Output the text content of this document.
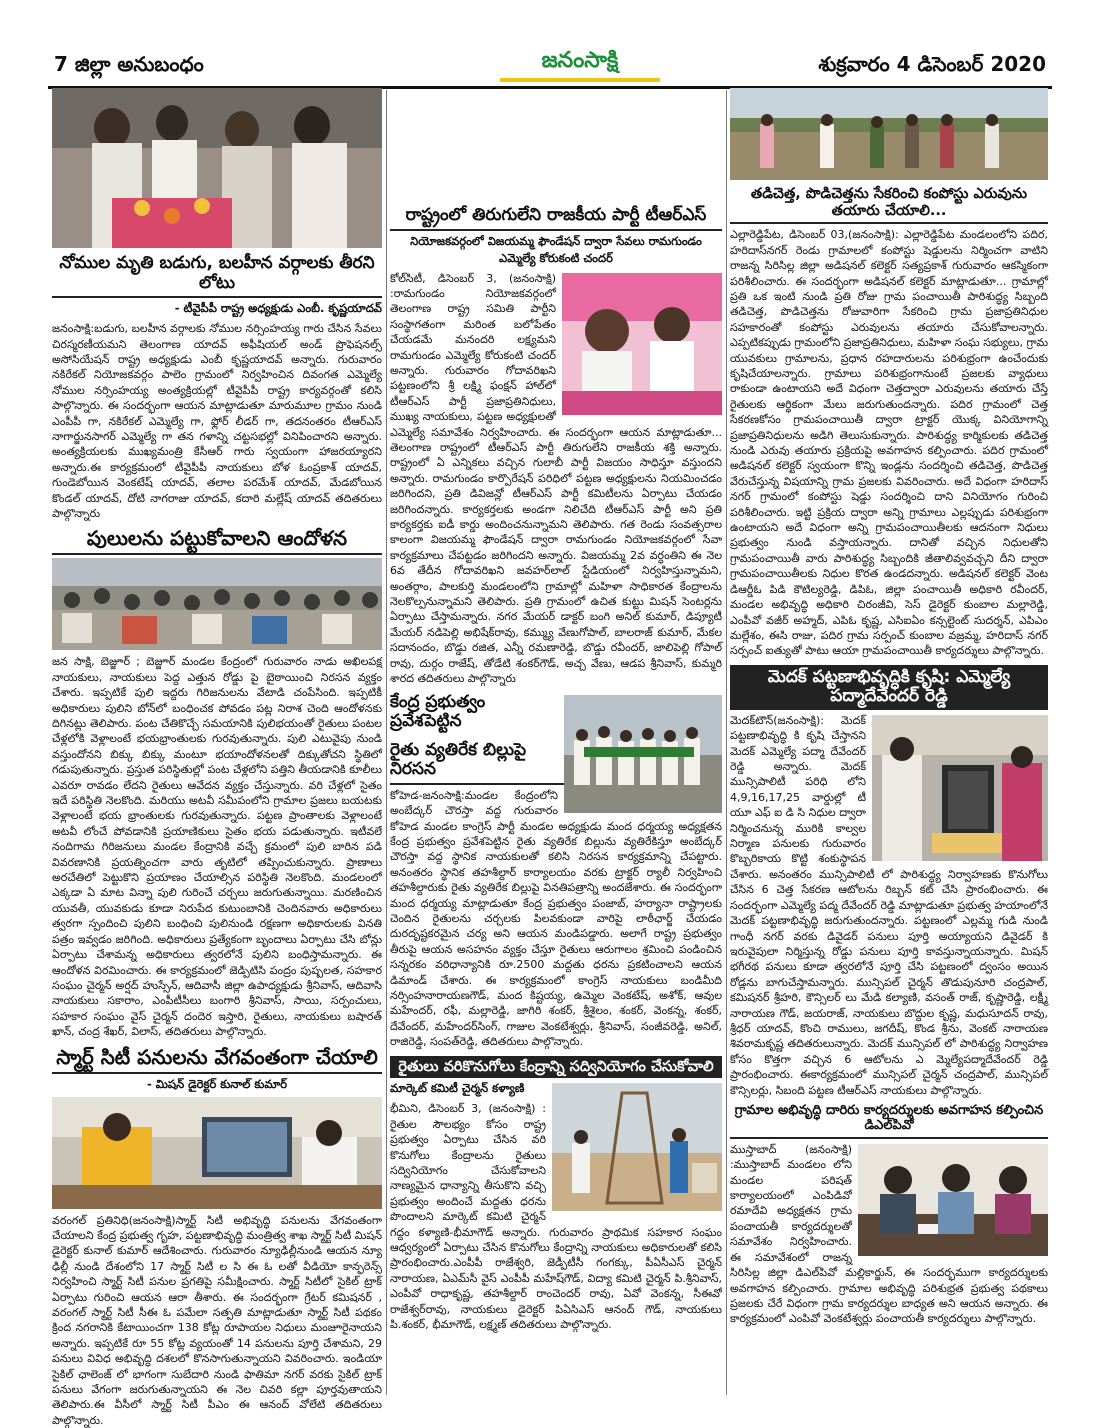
7 జిల్లా అనుబంధం	జనంసాక్షి	శుక్రవారం 4 డిసెంబర్ 2020
నోముల మృతి బడుగు, బలహీన వర్గాలకు తీరని లోటు
- టీవైపీపీ రాష్ట్ర అధ్యక్షుడు ఎంబీ. కృష్ణయాదవ్

జనంసాక్షి:బడుగు, బలహీన వర్గాలకు నోముల నర్సింహయ్య గారు చేసిన సేవలు చిరస్మరణీయమని తెలంగాణ యాదవ్ అఫీషియల్ అండ్ ప్రొఫెషనల్స్ అసోసియేషన్ రాష్ట్ర అధ్యక్షుడు ఎంబీ కృష్ణయాదవ్ అన్నారు. గురువారం నకిరేకల్ నియోజకవర్గం పాలెం గ్రామంలో నిర్వహించిన దివంగత ఎమ్మెల్యే నోముల నర్సింహయ్య అంత్యక్రియల్లో టీవైపీపీ రాష్ట్ర కార్యవర్గంతో కలిసి పాల్గొన్నారు. ఈ సందర్భంగా ఆయన మాట్లాడుతూ మారుమూల గ్రామం నుండి ఎంపీపీ గా, నకిరేకల్ ఎమ్మెల్యే గా, ఫ్లోర్ లీడర్ గా, తదనంతరం టీఆర్ఎస్ నాగార్జునసాగర్ ఎమ్మెల్యే గా తన గళాన్ని చట్టసభల్లో వినిపించారని అన్నారు. అంత్యక్రియలకు ముఖ్యమంత్రి కేసీఆర్ గారు స్వయంగా హాజరయ్యారని అన్నారు.ఈ కార్యక్రమంలో టీవైపీపీ నాయకులు బోళ ఓంప్రకాశ్ యాదవ్, గుండెబోయిన వెంకటేష్ యాదవ్, తలాల పరమేశ్ యాదవ్, మేడబోయిన కొండల్ యాదవ్, దోటి నాగరాజు యాదవ్, కదారి మల్లేష్ యాదవ్ తదితరులు పాల్గొన్నారు

పులులను పట్టుకోవాలని ఆందోళన

జన సాక్షి, బెజ్జూర్ ; బెజ్జూర్ మండల కేంద్రంలో గురువారం నాడు అఖిలపక్ష నాయకులు, నాయకులు పెద్ద ఎత్తున రోడ్డు పై బైఠాయించి నిరసన వ్యక్తం చేశారు. ఇప్పటికే పులి ఇద్దరు గిరిజనులను వేటాడి చంపేసింది. ఇప్పటికీ అధికారులు పులిని బోన్‌లో బంధించక పోవడం పట్ల నిరాశ చెంది ఆందోళనకు దిగినట్లు తెలిపారు. పంట చేతికొచ్చే సమయానికి పులిభయంతో రైతులు పంటల చేళ్లలోకి వెళ్లాలంటే భయభ్రాంతులకు గురవుతున్నారు. పులి ఎటువైపు నుండి వస్తుందోనని బిక్కు బిక్కు మంటూ భయాందోళనలతో దిక్కుతోచని స్థితిలో గడుపుతున్నారు. ప్రస్తుత పరిస్థితుల్లో పంట చేళ్లలోని పత్తిని తీయడానికి కూలీలు ఎవరూ రావడం లేదని రైతులు ఆవేదన వ్యక్తం చేస్తున్నారు. వరి చేళ్లలో సైతం ఇదే పరిస్థితి నెలకొంది. మరియు అటవీ సమీపంలోని గ్రామాల ప్రజలు బయటకు వెళ్లాలంటే భయ భ్రాంతులకు గురవుతున్నారు. పట్టణ ప్రాంతాలకు వెళ్లాలంటే అటవీ లోంచే పోవడానికి ప్రయాణికులు సైతం భయ పడుతున్నారు. ఇటీవలే నందిగామ గిరిజనులు మండల కేంద్రానికి వచ్చే క్రమంలో పులి బారిన పడి వివరణానికి ప్రయత్నించగా వారు తృటిలో తప్పించుకున్నారు. ప్రాణాలు అరచేతిలో పెట్టుకొని ప్రయాణం చేయాల్సిన పరిస్థితి నెలకొంది. మండలంలో ఎక్కడా ఏ మాట విన్నా పులి గురించే చర్చలు జరుగుతున్నాయి. మరణించిన యువతీ, యువకుడు కూడా నిరుపేద కుటుంబానికి చెందినవారు అధికారులు త్వరగా స్పందించి పులిని బంధించి పులినుండి రక్షణగా అధికారులకు వినతి పత్రం ఇవ్వడం జరిగింది. అధికారులు ప్రత్యేకంగా బృందాలు ఏర్పాటు చేసి బోన్లు ఏర్పాటు చేశామన్న అధికారులు త్వరలోనే పులిని బంధిస్తామన్నారు. ఈ ఆందోళన విరమించారు. ఈ కార్యక్రమంలో జెడ్పిటిసి పంద్రం పుష్పలత, సహకార సంఘం చైర్మన్ అర్షద్ హుస్సేన్, ఆదివాసీ జిల్లా ఉపాధ్యక్షుడు శ్రీనివాస్, ఆదివాసి నాయకులు సకారాం, ఎంపీటీసీలు బంగారి శ్రీనివాస్, సాయి, సర్పంచులు, సహకార సంఘం వైస్ చైర్మన్ దందెర ఇస్తారి, రైతులు, నాయకులు బషారత్ ఖాన్, చంద్ర శేఖర్, విలాస్, తదితరులు పాల్గొన్నారు.

స్మార్ట్ సిటీ పనులను వేగవంతంగా చేయాలి
- మిషన్ డైరెక్టర్ కునాల్ కుమార్

వరంగల్ ప్రతినిధి(జనంసాక్షి)స్మార్ట్ సిటీ అభివృద్ధి పనులను వేగవంతంగా చేయాలని కేంద్ర ప్రభుత్వ గృహ, పట్టణాభివృద్ధి మంత్రిత్వ శాఖ స్మార్ట్ సిటీ మిషన్ డైరెక్టర్ కునాల్ కుమార్ ఆదేశించారు. గురువారం న్యూఢిల్లీనుండి ఆయన న్యూ ఢిల్లీ నుండి దేశంలోని 17 స్మార్ట్ సిటీ ల సి ఈ ఓ లతో వీడియో కాన్ఫరెన్స్ నిర్వహించి స్మార్ట్ సిటీ పనుల ప్రగతిపై సమీక్షించారు. స్మార్ట్ సిటీలో సైకిల్ ట్రాక్ ఏర్పాటు గురించి ఆయన ఆరా తీశారు. ఈ సందర్భంగా గ్రేటర్ కమిషనర్ , వరంగల్ స్మార్ట్ సిటీ సీఈ ఓ పమేలా సత్పతి మాట్లాడుతూ స్మార్ట్ సిటీ పథకం క్రింద నగరానికి కేటాయించగా 138 కోట్ల రూపాయల నిధులు మంజూరైనాయని అన్నారు. ఇప్పటికే రూ 55 కోట్ల వ్యయంతో 14 పనులను పూర్తి చేశామని, 29 పనులు వివిధ అభివృద్ధి దశలలో కొనసాగుతున్నాయని వివరించారు. ఇండియా సైకిల్ ఛాలెంజ్ లో భాగంగా సుబేదారి నుండి ఫాతిమా నగర్ వరకు సైకిల్ ట్రాక్ పనులు వేగంగా జరుగుతున్నాయని ఈ నెల చివరి కల్లా పూర్తవుతాయని తెలిపారు.ఈ వీసీలో స్మార్ట్ సిటీ పీఎం ఈ ఆనంద్ వోలేటి తదితరులు పాల్గొన్నారు.

రాష్ట్రంలో తిరుగులేని రాజకీయ పార్టీ టీఆర్ఎస్
నియోజకవర్గంలో విజయమ్మ ఫౌండేషన్ ద్వారా సేవలు రామగుండం ఎమ్మెల్యే కోరుకంటి చందర్

కోల్‌సిటీ, డిసెంబర్ 3, (జనంసాక్షి) :రామగుండం నియోజకవర్గంలో తెలంగాణ రాష్ట్ర సమితి పార్టీని సంస్థాగతంగా మరింత బలోపేతం చేయడమే మనందరి లక్ష్యమని రామగుండం ఎమ్మెల్యే కోరుకంటి చందర్ అన్నారు. గురువారం గోదావరిఖని పట్టణంలోని శ్రీ లక్ష్మి ఫంక్షన్ హాల్‌లో టీఆర్ఎస్ పార్టీ ప్రజాప్రతినిధులు, ముఖ్య నాయకులు, పట్టణ అధ్యక్షులతో ఎమ్మెల్యే సమావేశం నిర్వహించారు. ఈ సందర్భంగా ఆయన మాట్లాడుతూ... తెలంగాణ రాష్ట్రంలో టీఆర్ఎస్ పార్టీ తిరుగులేని రాజకీయ శక్తి అన్నారు. రాష్ట్రంలో ఏ ఎన్నికలు వచ్చిన గులాబీ పార్టీ విజయం సాధిస్తూ వస్తుందని అన్నారు. రామగుండం కార్పొరేషన్ పరిధిలో పట్టణ అధ్యక్షులను నియమించడం జరిగిందని, ప్రతి డివిజన్లో టీఆర్ఎస్ పార్టీ కమిటీలను ఏర్పాటు చేయడం జరిగిందన్నారు. కార్యకర్తలకు అండగా నిలిచేది టీఆర్ఎస్ పార్టీ అని ప్రతి కార్యకర్తకు ఐడీ కార్డు అందించనున్నామని తెలిపారు. గత రెండు సంవత్సరాల కాలంగా విజయమ్మ ఫౌండేషన్ ద్వారా రామగుండం నియోజకవర్గంలో సేవా కార్యక్రమాలు చేపట్టడం జరిగిందని అన్నారు. విజయమ్మ 2వ వర్ధంతిని ఈ నెల 6వ తేదీన గోదావరిఖని జవహర్‌లాల్ స్టేడియంలో నిర్వహిస్తున్నామని, అంతర్గాం, పాలకుర్తి మండలంలోని గ్రామాల్లో మహిళా సాధికారత కేంద్రాలను నెలకొల్పనున్నామని తెలిపారు. ప్రతి గ్రామంలో ఉచిత కుట్టు మిషన్ సెంటర్లను ఏర్పాటు చేస్తామన్నారు. నగర మేయర్ డాక్టర్ బంగి అనిల్ కుమార్, డిప్యూటీ మేయర్ నడిపెల్లి అభిషేక్‌రావు, కమ్మ్యు వేణుగోపాల్, బాలరాజ్ కుమార్, మేకల సదానందం, బొడ్డు రజిత, ఎన్నీ రమణారెడ్డి, బొడ్డు రవీందర్, జాలిపెల్లి గోపాల్ రావు, దుర్గం రాజేష్, తోడేటి శంకర్‌గౌడ్, అచ్చ వేణు, ఆడప శ్రీనివాస్, కుమ్మరి శారద తదితరులు పాల్గొన్నారు

కేంద్ర ప్రభుత్వం ప్రవేశపెట్టిన
రైతు వ్యతిరేక బిల్లుపై నిరసన

కోహెడ-జనంసాక్షి:మండల కేంద్రంలోని అంబేద్కర్ చౌరస్తా వద్ద గురువారం కోహెడ మండల కాంగ్రెస్ పార్టీ మండల అధ్యక్షుడు మంద ధర్మయ్య అధ్యక్షతన కేంద్ర ప్రభుత్వం ప్రవేశపెట్టిన రైతు వ్యతిరేక బిల్లును వ్యతిరేకిస్తూ అంబేద్కర్ చౌరస్తా వద్ద స్థానిక నాయకులతో కలిసి నిరసన కార్యక్రమాన్ని చేపట్టారు. అనంతరం స్థానిక తహశీల్దార్ కార్యాలయం వరకు ట్రాక్టర్ ర్యాలీ నిర్వహించి తహశీల్దారుకు రైతు వ్యతిరేక బిల్లుపై వినతిపత్రాన్ని అందజేశారు. ఈ సందర్భంగా మంద ధర్మయ్య మాట్లాడుతూ కేంద్ర ప్రభుత్వం పంజాబ్, హర్యానా రాష్ట్రాలకు చెందిన రైతులను చర్చలకు పిలవకుండా వారిపై లాఠీఛార్జ్ చేయడం దురదృష్టకరమైన చర్య అని ఆయన మండిపడ్డారు. అలాగే రాష్ట్ర ప్రభుత్వం తీరుపై ఆయన అసహనం వ్యక్తం చేస్తూ రైతులు ఆరుగాలం శ్రమించి పండించిన సన్నరకం వరిధాన్యానికి రూ.2500 మద్దతు ధరను ప్రకటించాలని ఆయన డిమాండ్ చేశారు. ఈ కార్యక్రమంలో కాంగ్రెస్ నాయకులు బండిమీది నర్సింహనారాయణగౌడ్, మంద కిష్టయ్య, ఉమ్మెల వెంకటేష్, అశోక్, ఆవుల మహేందర్, రఫీ, మల్లారెడ్డి, జాగిరి శంకర్, శ్రీశైలం, శంకర్, వెంకన్న, శంకర్, దేవేందర్, మహేందర్‌సింగ్, గాజుల వెంకటేశ్వర్లు, శ్రీనివాస్, సంజీవరెడ్డి, అనిల్, రాజిరెడ్డి, సంపత్‌రెడ్డి, తదితరులు పాల్గొన్నారు.

రైతులు వరికొనుగోలు కేంద్రాన్ని సద్వినియోగం చేసుకోవాలి
మార్కెట్ కమిటీ చైర్మన్ కళ్యాణి

భీమిని, డిసెంబర్ 3, (జనంసాక్షి) : రైతుల సౌలభ్యం కోసం రాష్ట్ర ప్రభుత్వం ఏర్పాటు చేసిన వరి కొనుగోలు కేంద్రాలను రైతులు సద్వినియోగం చేసుకోవాలని నాణ్యమైన ధాన్యాన్ని తీసుకొని వచ్చి ప్రభుత్వం అందించే మద్దతు ధరను పొందాలని మార్కెట్ కమిటి చైర్మన్ గద్దం కళ్యాణి-భీమాగౌడ్ అన్నారు. గురువారం ప్రాథమిక సహకార సంఘం ఆధ్వర్యంలో ఏర్పాటు చేసిన కొనుగోలు కేంద్రాన్ని నాయకులు అధికారులతో కలిసి ప్రారంభించారు.ఎంపీపీ రాజేశ్వరి, జెడ్పీటీసీ గంగక్కు, పీఏసీఎస్ చైర్మన్ నారాయణ, ఏఎమ్‌సీ వైస్ ఎంపీపీ మహేష్‌గౌడ్, విద్యా కమిటి చైర్మన్ పి.శ్రీనివాస్, ఎంపీవో రాధాకృష్ణ, తహశీల్దార్ రాంచెందర్ రావు, ఏవో వెంకన్న, సీఈవో రాజేశ్వర్‌రావు, నాయకులు డైరెక్టర్ పిఏసిఎస్ ఆనంద్ గౌడ్, నాయకులు పి.శంకర్, భీమాగౌడ్, లక్ష్మణ్ తదితరులు పాల్గొన్నారు.

తడిచెత్త, పొడిచెత్తను సేకరించి కంపోస్టు ఎరువును తయారు చేయాలి...

ఎల్లారెడ్డిపేట, డిసెంబర్ 03,(జనంసాక్షి): ఎల్లారెడ్డిపేట మండలంలోని పదిర, హరిదాస్‌నగర్ రెండు గ్రామాలలో కంపోస్టు షెడ్డులను నిర్మించగా వాటిని రాజన్న సిరిసిల్ల జిల్లా అడిషనల్ కలెక్టర్ సత్యప్రకాశ్ గురువారం ఆకస్మికంగా పరిశీలించారు. ఈ సందర్భంగా అడిషనల్ కలెక్టర్ మాట్లాడుతూ... గ్రామాల్లో ప్రతి ఒక ఇంటి నుండి ప్రతి రోజు గ్రామ పంచాయితీ పారిశుద్ధ్య సిబ్బంది తడిచెత్త, పొడిచెత్తను రోజువారిగా సేకరించి గ్రామ ప్రజాప్రతినిధుల సహకారంతో కంపోస్టు ఎరువులను తయారు చేసుకోవాలన్నారు. ఎప్పటికప్పుడు గ్రామంలోని ప్రజాప్రతినిధులు, మహిళా సంఘ సభ్యులు, గ్రామ యువకులు గ్రామాలను, ప్రధాన రహదారులను పరిశుభ్రంగా ఉంచేందుకు కృషిచేయాలన్నారు. గ్రామాలు పరిశుభ్రంగానుంటే ప్రజలకు వ్యాధులు రాకుండా ఉంటాయని అదే విధంగా చెత్తద్వారా ఎరువులను తయారు చేస్తే రైతులకు ఆర్థికంగా మేలు జరుగుతుందన్నారు. పదిర గ్రామంలో చెత్త సేకరణకోసం గ్రామపంచాయితీ ద్వారా ట్రాక్టర్ యొక్క వినియోగాన్ని ప్రజాప్రతినిధులను అడిగి తెలుసుకున్నారు. పారిశుద్ధ్య కార్మికులకు తడిచెత్త నుండి ఎరువు తయారు ప్రక్రియపై అవగాహన కల్పించారు. పదిర గ్రామంలో అడిషనల్ కలెక్టర్ స్వయంగా కొన్ని ఇండ్లను సందర్శించి తడిచెత్త, పొడిచెత్త వేరుచేస్తున్న విషయాన్ని గ్రామ ప్రజలకు వివరించారు. అదే విధంగా హరిదాస్ నగర్ గ్రామంలో కంపోస్టు షెడ్డు సందర్శించి దాని వినియోగం గురించి పరిశీలించారు. ఇట్టి ప్రక్రియ ద్వారా అన్ని గ్రామాలు ఎల్లప్పుడు పరిశుభ్రంగా ఉంటాయని అదే విధంగా అన్ని గ్రామపంచాయితీలకు ఆదనంగా నిధులు ప్రభుత్వం నుండి వస్తాయన్నారు. దానితో వచ్చిన నిధులతోని గ్రామపంచాయితీ వారు పారిశుద్ధ్య సిబ్బందికి జీతాలివ్వవచ్చని దీని ద్వారా గ్రామపంచాయితీలకు నిధుల కొరత ఉండదన్నారు. అడిషనల్ కలెక్టర్ వెంట డిఆర్డీఓ పిడి కౌటిల్యరెడ్డి, డిపిఓ, జిల్లా పంచాయితీ అధికారి రవీందర్, మండల అభివృద్ధి అధికారి చిరంజీవి, సెస్ డైరెక్టర్ కుంబాల మల్లారెడ్డి, ఎంపీవో వజీర్ అహ్మద్, ఎపిఓ కృష్ణ, ఎసిఐఏం కన్సల్టెంట్ సుదర్శన్, ఎపిఎం మల్లేశం, ఈసి రాజు, పదిర గ్రామ సర్పంచ్ కుంబాల వజ్రమ్మ, హరిదాస్ నగర్ సర్పంచ్ ఐత్యుతో పాటు ఆయా గ్రామపంచాయితీ కార్యదర్శులు పాల్గొన్నారు.

మెదక్ పట్టణాభివృద్ధికి కృషి: ఎమ్మెల్యే పద్మాదేవేందర్ రెడ్డి

మెదక్‌టౌన్(జనంసాక్షి): మెదక్ పట్టణాభివృద్ధి కి కృషి చేస్తానని మెదక్ ఎమ్మెల్యే పద్మా దేవేందర్ రెడ్డి అన్నారు. మెదక్ మున్సిపాలిటీ పరిధి లోని 4,9,16,17,25 వార్డుల్లో టీ యూ ఎఫ్ ఐ డి సి నిధుల ద్వారా నిర్మించనున్న మురికి కాల్వల నిర్మాణ పనులకు గురువారం కొబ్బరికాయ కొట్టి శంకుస్థాపన చేశారు. అనంతరం మున్సిపాలిటీ లో పారిశుద్ధ్య నిర్వాహణకు కొనుగోలు చేసిన 6 చెత్త సేకరణ ఆటోలను రిబ్బన్ కట్ చేసి ప్రారంభించారు. ఈ సందర్భంగా ఎమ్మెల్యే పద్మ దేవేందర్ రెడ్డి మాట్లాడుతూ ప్రభుత్వ హయాంలోనే మెదక్ పట్టణాభివృద్ధి జరుగుతుందన్నారు. పట్టణంలో ఎల్లమ్మ గుడి నుండి గాంధీ నగర్ వరకు డివైడర్ పనులు పూర్తి అయ్యాయని డివైడర్ కి ఇరువైపులా నిర్మిస్తున్న రోడ్డు పనులు పూర్తి కావస్తున్నాయన్నారు. మిషన్ భగీరథ పనులు కూడా త్వరలోనే పూర్తి చేసి పట్టణంలో ద్వంసం అయిన రోడ్లను బాగుచేస్తామన్నారు. మున్సిపల్ చైర్మన్ తొడుపునూరి చంద్రపాల్, కమిషనర్ శ్రీహరి, కౌన్సిలర్ లు మేడి కల్యాణి, వసంత్ రాజ్, కృష్ణారెడ్డి, లక్ష్మీ నారాయణ గౌడ్, జయరాజ్, నాయకులు బొద్దుల కృష్ణ, మధుసూదన్ రావు, శ్రీధర్ యాదవ్, కొంచి రాములు, జగదీష్, కొండ శ్రీను, వెంకట్ నారాయణ శివరామకృష్ణ తదితరులున్నారు. మెదక్ మున్సిపల్ లో పారిశుద్ధ్య నిర్వాహణ కోసం కొత్తగా వచ్చిన 6 ఆటోలను ఎ మ్మెల్యేపద్మాదేవేందర్ రెడ్డి ప్రారంభించారు. ఈకార్యక్రమంలో మున్సిపల్ చైర్మన్ చంద్రపాల్, మున్సిపల్ కౌన్సిలర్లు, సిబంది పట్టణ టీఆర్ఎస్ నాయకులు పాల్గొన్నారు.

గ్రామాల అభివృద్ధి దారిరు కార్యదర్శులకు అవగాహన కల్పించిన డిఎల్‌పివో

ముస్తాబాద్ (జనంసాక్షి) :ముస్తాబాద్ మండలం లోని మండల పరిషత్ కార్యాలయంలో ఎంపిడివో రమాదేవి అధ్యక్షతన గ్రామ పంచాయతీ కార్యదర్శులతో సమావేశం నిర్వహించారు. ఈ సమావేశంలో రాజన్న సిరిసిల్ల జిల్లా డిఎల్‌పివో మల్లికార్జున్, ఈ సందర్భముగా కార్యదర్శులకు అవగాహన కల్పించారు. గ్రామాల అభివృద్ధి పరిశుభ్రత ప్రభుత్వ పథకాలు ప్రజలకు చేరే విధంగా గ్రామ కార్యదర్శుల బాధ్యత అని ఆయన అన్నారు. ఈ కార్యక్రమంలో ఎంపివో వెంకటేశ్వర్లు పంచాయతీ కార్యదర్శులు పాల్గొన్నారు.
